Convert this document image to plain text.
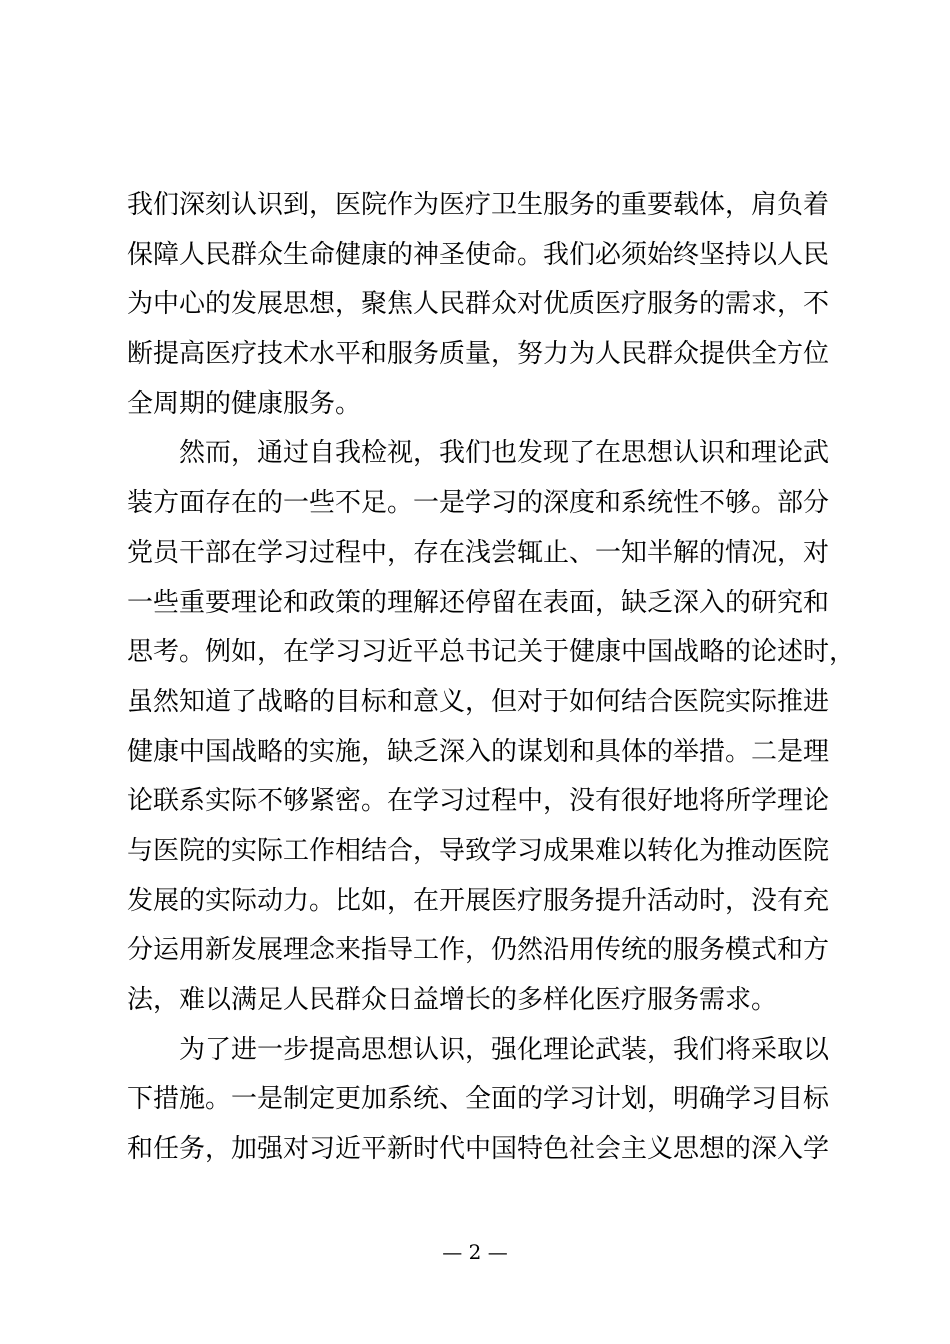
我们深刻认识到，医院作为医疗卫生服务的重要载体，肩负着
保障人民群众生命健康的神圣使命。我们必须始终坚持以人民
为中心的发展思想，聚焦人民群众对优质医疗服务的需求，不
断提高医疗技术水平和服务质量，努力为人民群众提供全方位
全周期的健康服务。

然而，通过自我检视，我们也发现了在思想认识和理论武
装方面存在的一些不足。一是学习的深度和系统性不够。部分
党员干部在学习过程中，存在浅尝辄止、一知半解的情况，对
一些重要理论和政策的理解还停留在表面，缺乏深入的研究和
思考。例如，在学习习近平总书记关于健康中国战略的论述时，
虽然知道了战略的目标和意义，但对于如何结合医院实际推进
健康中国战略的实施，缺乏深入的谋划和具体的举措。二是理
论联系实际不够紧密。在学习过程中，没有很好地将所学理论
与医院的实际工作相结合，导致学习成果难以转化为推动医院
发展的实际动力。比如，在开展医疗服务提升活动时，没有充
分运用新发展理念来指导工作，仍然沿用传统的服务模式和方
法，难以满足人民群众日益增长的多样化医疗服务需求。

为了进一步提高思想认识，强化理论武装，我们将采取以
下措施。一是制定更加系统、全面的学习计划，明确学习目标
和任务，加强对习近平新时代中国特色社会主义思想的深入学

— 2 —
